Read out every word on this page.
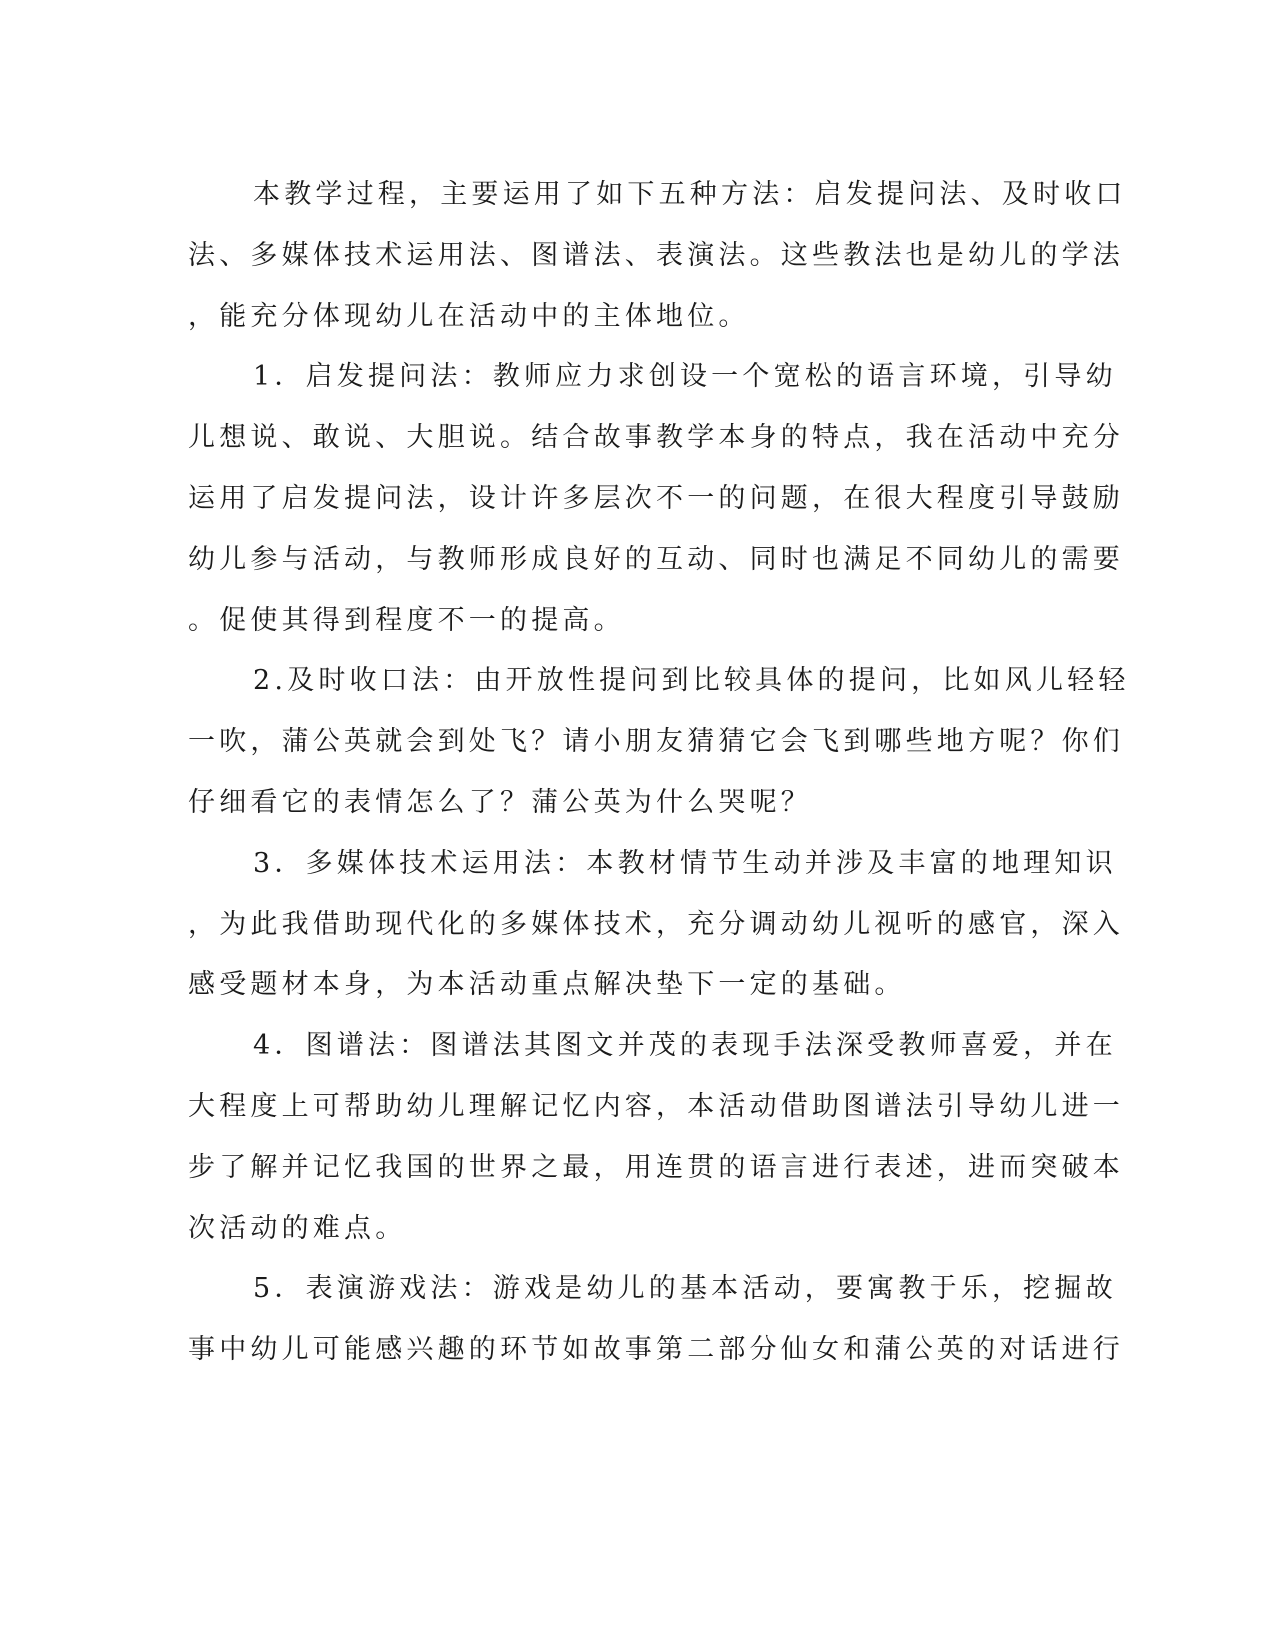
本教学过程，主要运用了如下五种方法：启发提问法、及时收口
法、多媒体技术运用法、图谱法、表演法。这些教法也是幼儿的学法
，能充分体现幼儿在活动中的主体地位。
1．启发提问法：教师应力求创设一个宽松的语言环境，引导幼
儿想说、敢说、大胆说。结合故事教学本身的特点，我在活动中充分
运用了启发提问法，设计许多层次不一的问题，在很大程度引导鼓励
幼儿参与活动，与教师形成良好的互动、同时也满足不同幼儿的需要
。促使其得到程度不一的提高。
2.及时收口法：由开放性提问到比较具体的提问，比如风儿轻轻
一吹，蒲公英就会到处飞？请小朋友猜猜它会飞到哪些地方呢？你们
仔细看它的表情怎么了？蒲公英为什么哭呢？
3．多媒体技术运用法：本教材情节生动并涉及丰富的地理知识
，为此我借助现代化的多媒体技术，充分调动幼儿视听的感官，深入
感受题材本身，为本活动重点解决垫下一定的基础。
4．图谱法：图谱法其图文并茂的表现手法深受教师喜爱，并在
大程度上可帮助幼儿理解记忆内容，本活动借助图谱法引导幼儿进一
步了解并记忆我国的世界之最，用连贯的语言进行表述，进而突破本
次活动的难点。
5．表演游戏法：游戏是幼儿的基本活动，要寓教于乐，挖掘故
事中幼儿可能感兴趣的环节如故事第二部分仙女和蒲公英的对话进行
